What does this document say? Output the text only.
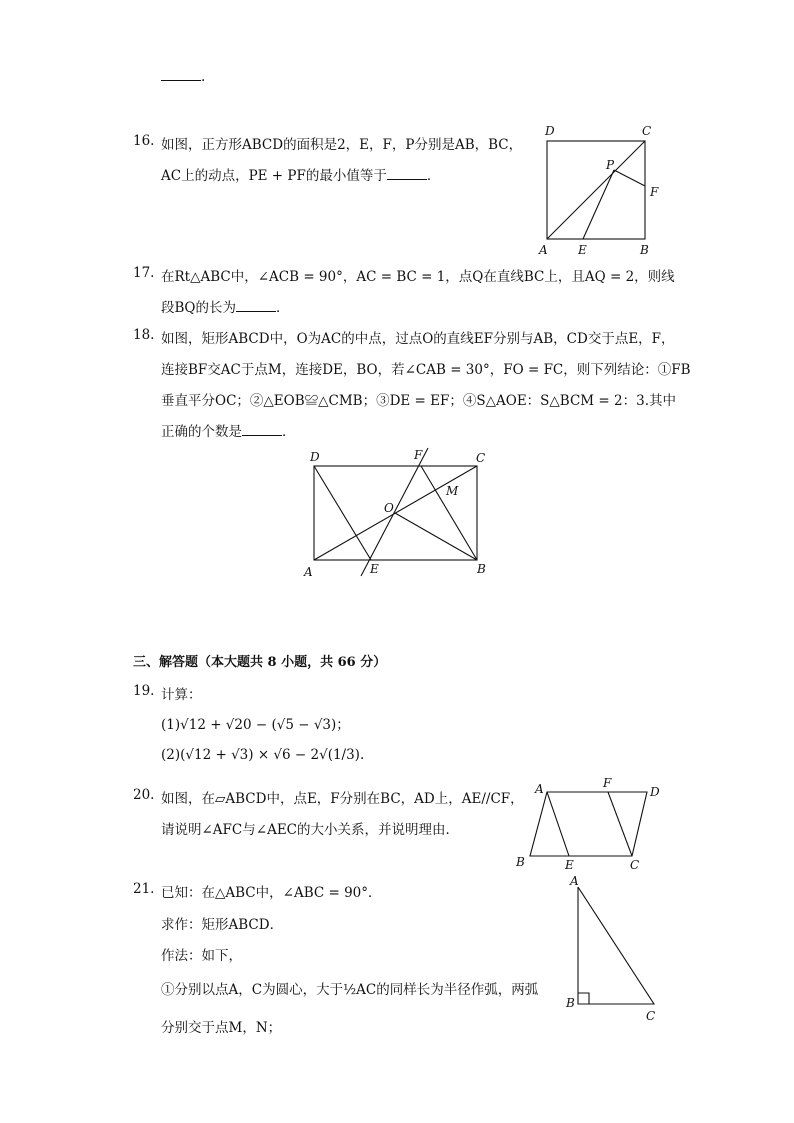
.
16. 如图，正方形ABCD的面积是2，E，F，P分别是AB，BC，
AC上的动点，PE + PF的最小值等于	．
D	C
P
F
A	E	B
17. 在Rt△ABC中，∠ACB = 90°，AC = BC = 1，点Q在直线BC上，且AQ = 2，则线
段BQ的长为	．
18. 如图，矩形ABCD中，O为AC的中点，过点O的直线EF分别与AB，CD交于点E，F，
连接BF交AC于点M，连接DE，BO，若∠CAB = 30°，FO = FC，则下列结论：①FB
垂直平分OC；②△EOB≌△CMB；③DE = EF；④S△AOE：S△BCM = 2：3.其中
正确的个数是	．
D	F	C
M
O
A	E	B
三、解答题（本大题共 8 小题，共 66 分）
19. 计算：
(1)√12 + √20 − (√5 − √3)；
(2)(√12 + √3) × √6 − 2√(1/3).
20. 如图，在▱ABCD中，点E，F分别在BC，AD上，AE//CF，
请说明∠AFC与∠AEC的大小关系，并说明理由．
A	F
D
B	E	C
21. 已知：在△ABC中，∠ABC = 90°．
求作：矩形ABCD．
作法：如下，
①分别以点A，C为圆心，大于½AC的同样长为半径作弧，两弧
分别交于点M，N；
A
B
C
